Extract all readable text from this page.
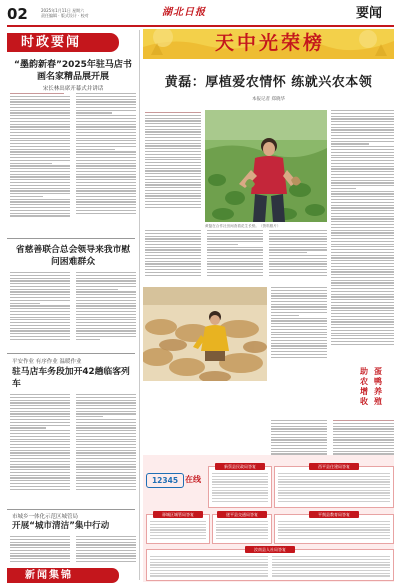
02	2025年1月11日 星期六
责任编辑 · 版式设计 · 校对	湖北日报	要闻
时政要闻
“墨韵新春”2025年驻马店书画名家精品展开展
宋长林出席开幕式并讲话
省慈善联合总会领导来我市慰问困难群众
平安作业 有序作业 温暖作业
驻马店车务段加开42趟临客列车
市城乡一体化示范区城管局
开展“城市清洁”集中行动
新闻集锦
天中光荣榜
黄磊：厚植爱农情怀 练就兴农本领
本报记者 郑晓华
黄磊在合作社田间查看花生长势。（资料照片）
助农增收
蛋鸭养殖
12345 在线
新蔡县民政局答复	西平县住建局答复
驿城区城管局答复	遂平县交通局答复	平舆县教育局答复
汝南县人社局答复
